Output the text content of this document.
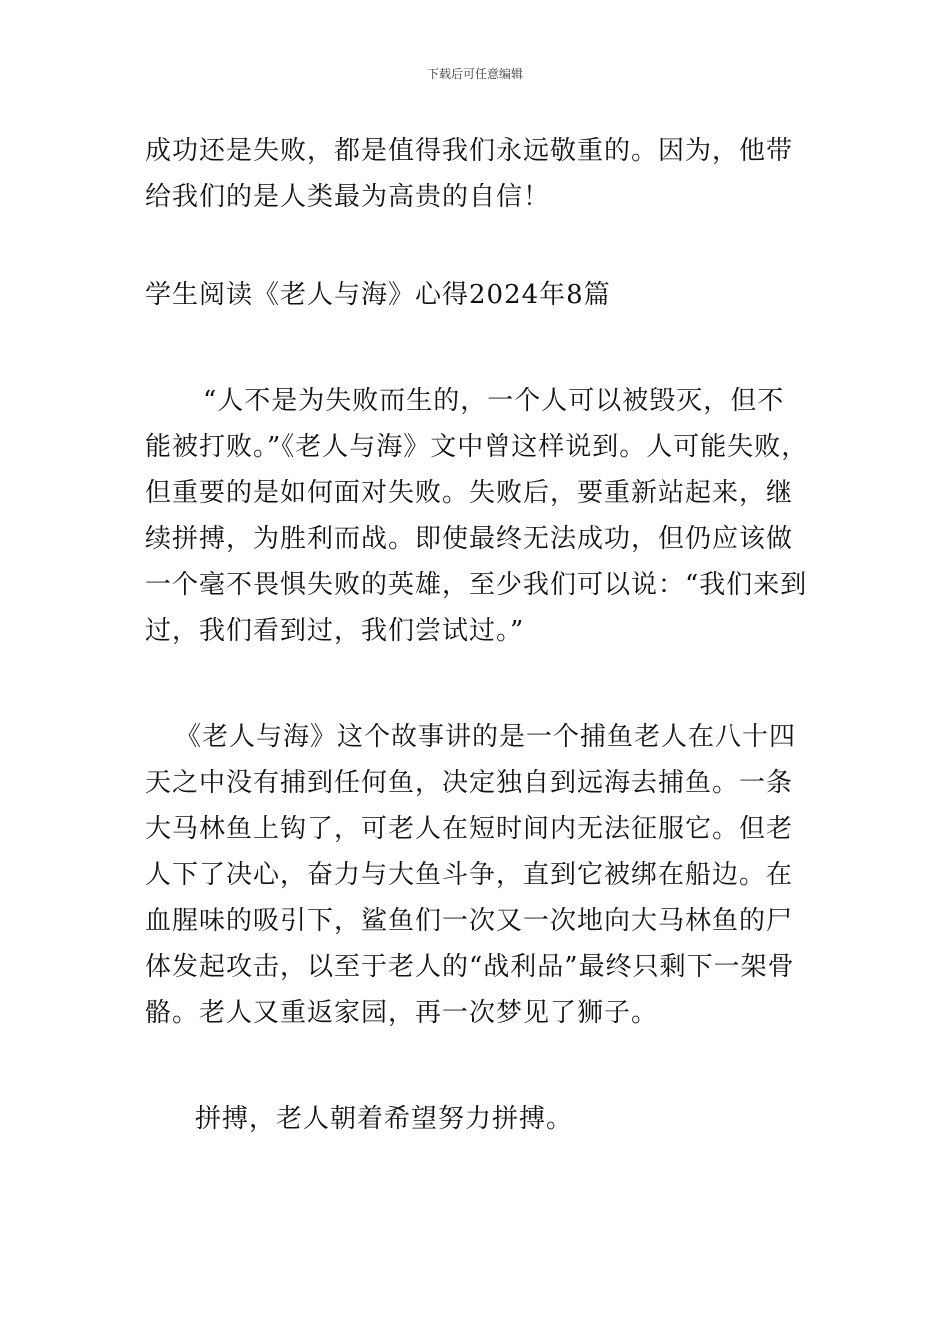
下载后可任意编辑

成功还是失败，都是值得我们永远敬重的。因为，他带给我们的是人类最为高贵的自信！

学生阅读《老人与海》心得2024年8篇

“人不是为失败而生的，一个人可以被毁灭，但不能被打败。”《老人与海》文中曾这样说到。人可能失败，但重要的是如何面对失败。失败后，要重新站起来，继续拼搏，为胜利而战。即使最终无法成功，但仍应该做一个毫不畏惧失败的英雄，至少我们可以说：“我们来到过，我们看到过，我们尝试过。”

《老人与海》这个故事讲的是一个捕鱼老人在八十四天之中没有捕到任何鱼，决定独自到远海去捕鱼。一条大马林鱼上钩了，可老人在短时间内无法征服它。但老人下了决心，奋力与大鱼斗争，直到它被绑在船边。在血腥味的吸引下，鲨鱼们一次又一次地向大马林鱼的尸体发起攻击，以至于老人的“战利品”最终只剩下一架骨骼。老人又重返家园，再一次梦见了狮子。

拼搏，老人朝着希望努力拼搏。
